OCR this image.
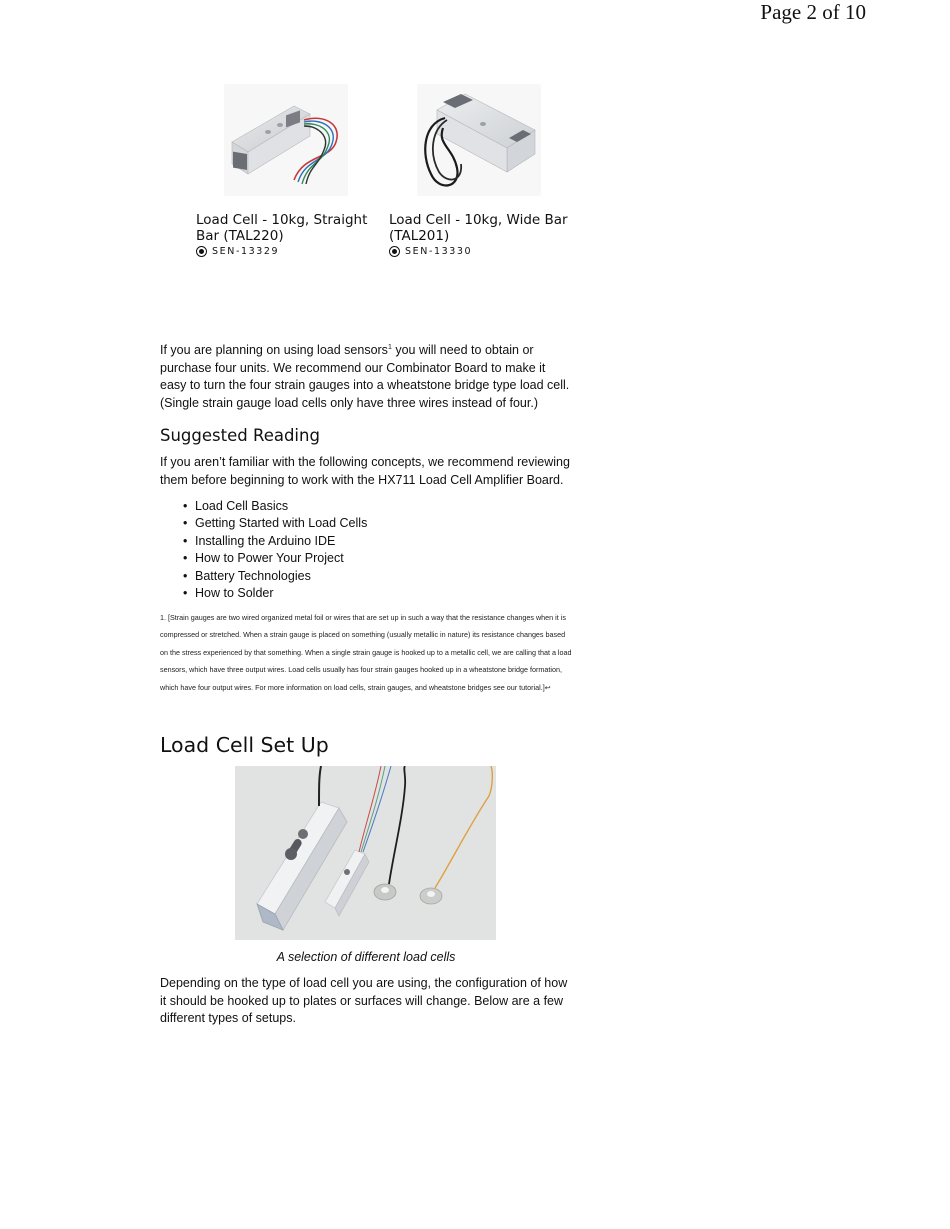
Page 2 of 10
Load Cell - 10kg, Straight Bar (TAL220)
SEN-13329
Load Cell - 10kg, Wide Bar (TAL201)
SEN-13330

If you are planning on using load sensors$^1$ you will need to obtain or purchase four units. We recommend our Combinator Board to make it easy to turn the four strain gauges into a wheatstone bridge type load cell. (Single strain gauge load cells only have three wires instead of four.)

Suggested Reading

If you aren’t familiar with the following concepts, we recommend reviewing them before beginning to work with the HX711 Load Cell Amplifier Board.

• Load Cell Basics
• Getting Started with Load Cells
• Installing the Arduino IDE
• How to Power Your Project
• Battery Technologies
• How to Solder
1. [Strain gauges are two wired organized metal foil or wires that are set up in such a way that the resistance changes when it is compressed or stretched. When a strain gauge is placed on something (usually metallic in nature) its resistance changes based on the stress experienced by that something. When a single strain gauge is hooked up to a metallic cell, we are calling that a load sensors, which have three output wires. Load cells usually has four strain gauges hooked up in a wheatstone bridge formation, which have four output wires. For more information on load cells, strain gauges, and wheatstone bridges see our tutorial.]↩
Load Cell Set Up
A selection of different load cells

Depending on the type of load cell you are using, the configuration of how it should be hooked up to plates or surfaces will change. Below are a few different types of setups.
